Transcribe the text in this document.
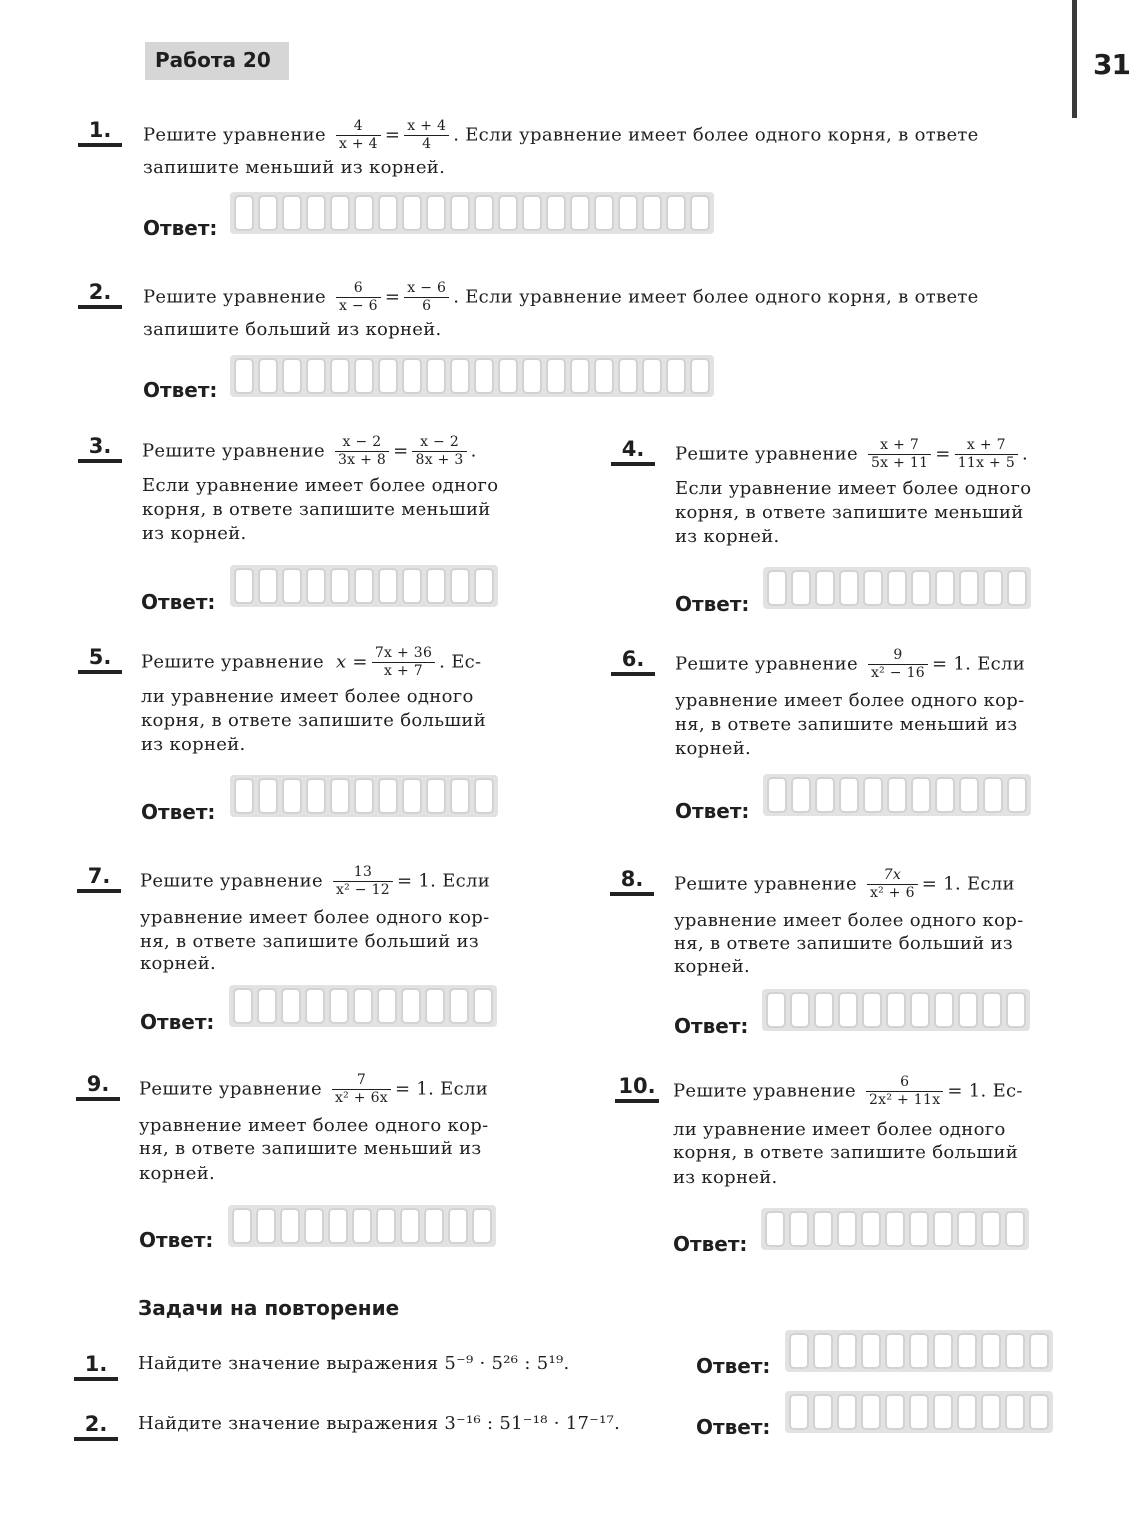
31
Работа 20
1.	Решите уравнение $\frac{4}{x + 4} = \frac{x + 4}{4}$ . Если уравнение имеет более одного корня, в ответе
запишите меньший из корней.
Ответ:
2.	Решите уравнение $\frac{6}{x - 6} = \frac{x - 6}{6}$ . Если уравнение имеет более одного корня, в ответе
запишите больший из корней.
Ответ:
3.	Решите уравнение $\frac{x - 2}{3x + 8} = \frac{x - 2}{8x + 3}$ .
Если уравнение имеет более одного
корня, в ответе запишите меньший
из корней.
Ответ:
4.	Решите уравнение $\frac{x + 7}{5x + 11} = \frac{x + 7}{11x + 5}$ .
Если уравнение имеет более одного
корня, в ответе запишите меньший
из корней.
Ответ:
5.	Решите уравнение $x = \frac{7x + 36}{x + 7}$ . Ес-
ли уравнение имеет более одного
корня, в ответе запишите больший
из корней.
Ответ:
6.	Решите уравнение $\frac{9}{\text{x² − 16}} = 1$. Если
уравнение имеет более одного кор-
ня, в ответе запишите меньший из
корней.
Ответ:
7.	Решите уравнение $\frac{13}{\text{x² − 12}} = 1$. Если
уравнение имеет более одного кор-
ня, в ответе запишите больший из
корней.
Ответ:
8.	Решите уравнение $\frac{7x}{\text{x² + 6}} = 1$. Если
уравнение имеет более одного кор-
ня, в ответе запишите больший из
корней.
Ответ:
9.	Решите уравнение $\frac{7}{\text{x² + 6x}} = 1$. Если
уравнение имеет более одного кор-
ня, в ответе запишите меньший из
корней.
Ответ:
10. Решите уравнение $\frac{6}{\text{2x² + 11x}} = 1$. Ес-
ли уравнение имеет более одного
корня, в ответе запишите больший
из корней.
Ответ:
Задачи на повторение
1.	Найдите значение выражения 5⁻⁹ · 5²⁶ : 5¹⁹.	Ответ:
2.	Найдите значение выражения 3⁻¹⁶ : 51⁻¹⁸ · 17⁻¹⁷.	Ответ:
